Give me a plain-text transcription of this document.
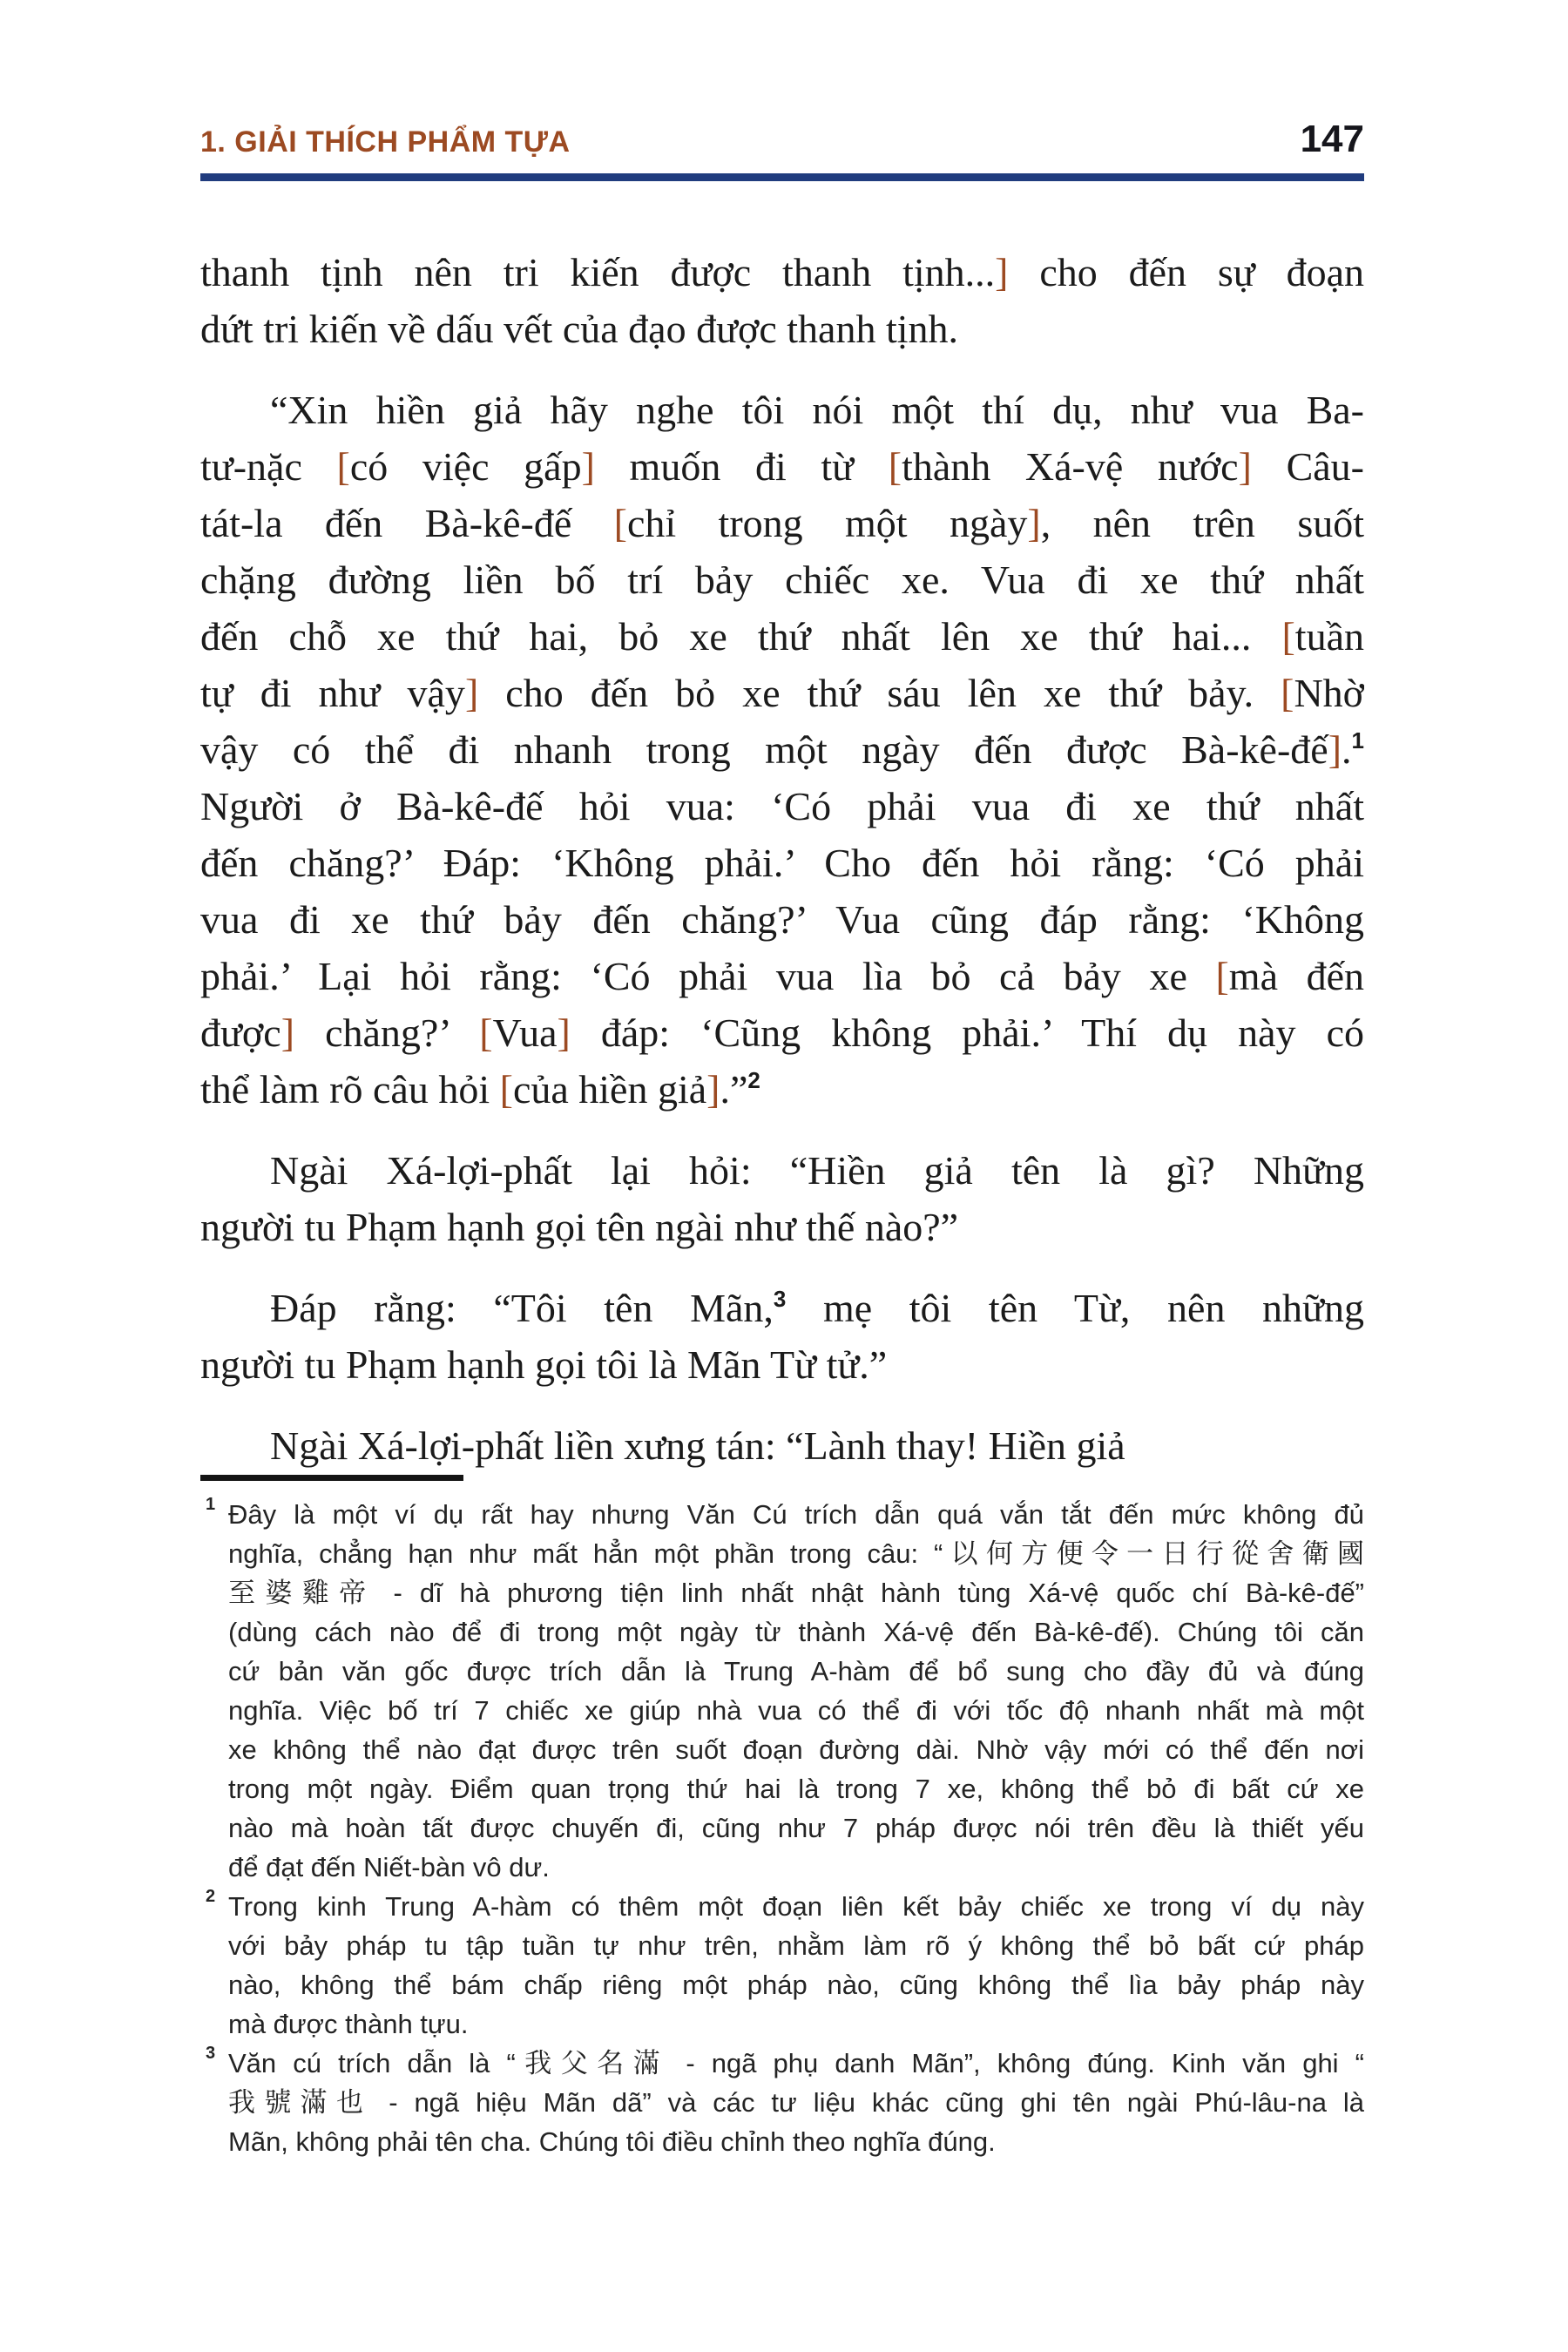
1. GIẢI THÍCH PHẨM TỰA	147
thanh tịnh nên tri kiến được thanh tịnh...] cho đến sự đoạn
dứt tri kiến về dấu vết của đạo được thanh tịnh.
“Xin hiền giả hãy nghe tôi nói một thí dụ, như vua Ba-
tư-nặc [có việc gấp] muốn đi từ [thành Xá-vệ nước] Câu-
tát-la đến Bà-kê-đế [chỉ trong một ngày], nên trên suốt
chặng đường liền bố trí bảy chiếc xe. Vua đi xe thứ nhất
đến chỗ xe thứ hai, bỏ xe thứ nhất lên xe thứ hai... [tuần
tự đi như vậy] cho đến bỏ xe thứ sáu lên xe thứ bảy. [Nhờ
vậy có thể đi nhanh trong một ngày đến được Bà-kê-đế].$^1$
Người ở Bà-kê-đế hỏi vua: ‘Có phải vua đi xe thứ nhất
đến chăng?’ Đáp: ‘Không phải.’ Cho đến hỏi rằng: ‘Có phải
vua đi xe thứ bảy đến chăng?’ Vua cũng đáp rằng: ‘Không
phải.’ Lại hỏi rằng: ‘Có phải vua lìa bỏ cả bảy xe [mà đến
được] chăng?’ [Vua] đáp: ‘Cũng không phải.’ Thí dụ này có
thể làm rõ câu hỏi [của hiền giả].”$^2$
Ngài Xá-lợi-phất lại hỏi: “Hiền giả tên là gì? Những
người tu Phạm hạnh gọi tên ngài như thế nào?”
Đáp rằng: “Tôi tên Mãn,$^3$ mẹ tôi tên Từ, nên những
người tu Phạm hạnh gọi tôi là Mãn Từ tử.”
Ngài Xá-lợi-phất liền xưng tán: “Lành thay! Hiền giả
1 Đây là một ví dụ rất hay nhưng Văn Cú trích dẫn quá vắn tắt đến mức không đủ
nghĩa, chẳng hạn như mất hẳn một phần trong câu: “以何方便令一日行從舍衛國
至婆雞帝 - dĩ hà phương tiện linh nhất nhật hành tùng Xá-vệ quốc chí Bà-kê-đế”
(dùng cách nào để đi trong một ngày từ thành Xá-vệ đến Bà-kê-đế). Chúng tôi căn
cứ bản văn gốc được trích dẫn là Trung A-hàm để bổ sung cho đầy đủ và đúng
nghĩa. Việc bố trí 7 chiếc xe giúp nhà vua có thể đi với tốc độ nhanh nhất mà một
xe không thể nào đạt được trên suốt đoạn đường dài. Nhờ vậy mới có thể đến nơi
trong một ngày. Điểm quan trọng thứ hai là trong 7 xe, không thể bỏ đi bất cứ xe
nào mà hoàn tất được chuyến đi, cũng như 7 pháp được nói trên đều là thiết yếu
để đạt đến Niết-bàn vô dư.
2 Trong kinh Trung A-hàm có thêm một đoạn liên kết bảy chiếc xe trong ví dụ này
với bảy pháp tu tập tuần tự như trên, nhằm làm rõ ý không thể bỏ bất cứ pháp
nào, không thể bám chấp riêng một pháp nào, cũng không thể lìa bảy pháp này
mà được thành tựu.
3 Văn cú trích dẫn là “我父名滿 - ngã phụ danh Mãn”, không đúng. Kinh văn ghi “
我號滿也 - ngã hiệu Mãn dã” và các tư liệu khác cũng ghi tên ngài Phú-lâu-na là
Mãn, không phải tên cha. Chúng tôi điều chỉnh theo nghĩa đúng.
